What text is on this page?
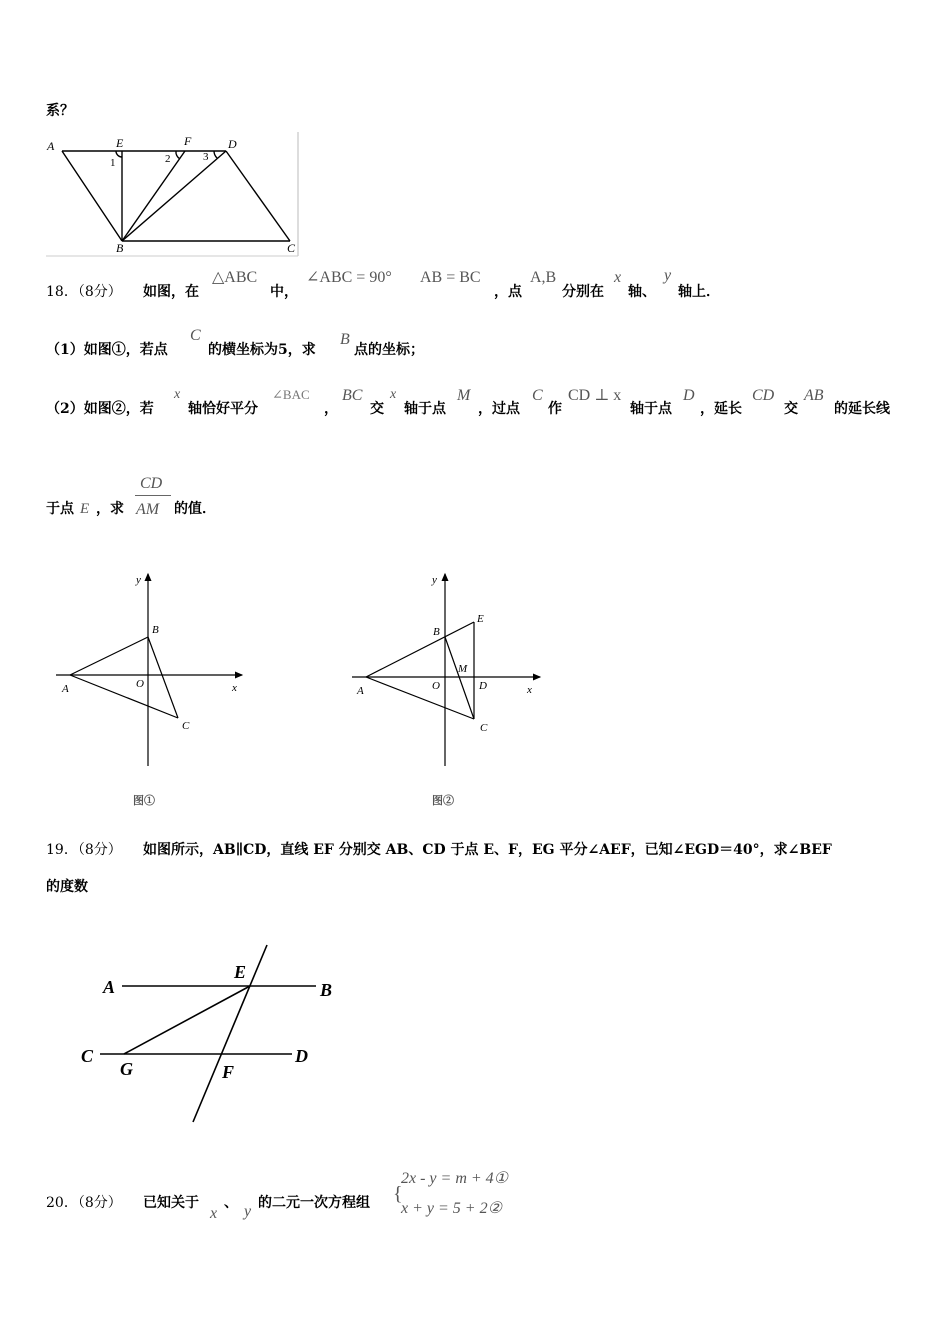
系？
A	E	F	D
B	C
1	2	3
18．（8分） 如图，在
△ABC
中，
∠ABC = 90° AB = BC
，点
A,B
分别在
x
轴、
y
轴上．
（1）如图①，若点
C
的横坐标为5，求
B
点的坐标；
（2）如图②，若
x
轴恰好平分
∠BAC
，
BC
交
x
轴于点
M
，过点
C
作
CD ⊥ x
轴于点
D
，延长
CD
交
AB
的延长线
于点 E ，求
CD
AM 的值．
y
B
A	O	x
C
图①
y
E
B
M
A	O	D	x
C
图②
19．（8分） 如图所示，AB∥CD，直线 EF 分别交 AB、CD 于点 E、F，EG 平分∠AEF，已知∠EGD＝40°，求∠BEF
的度数
A
E
B
C
G	F
D
20．（8分） 已知关于
x
、 y 的二元一次方程组 {
2x - y = m + 4①
x + y = 5 + 2②
